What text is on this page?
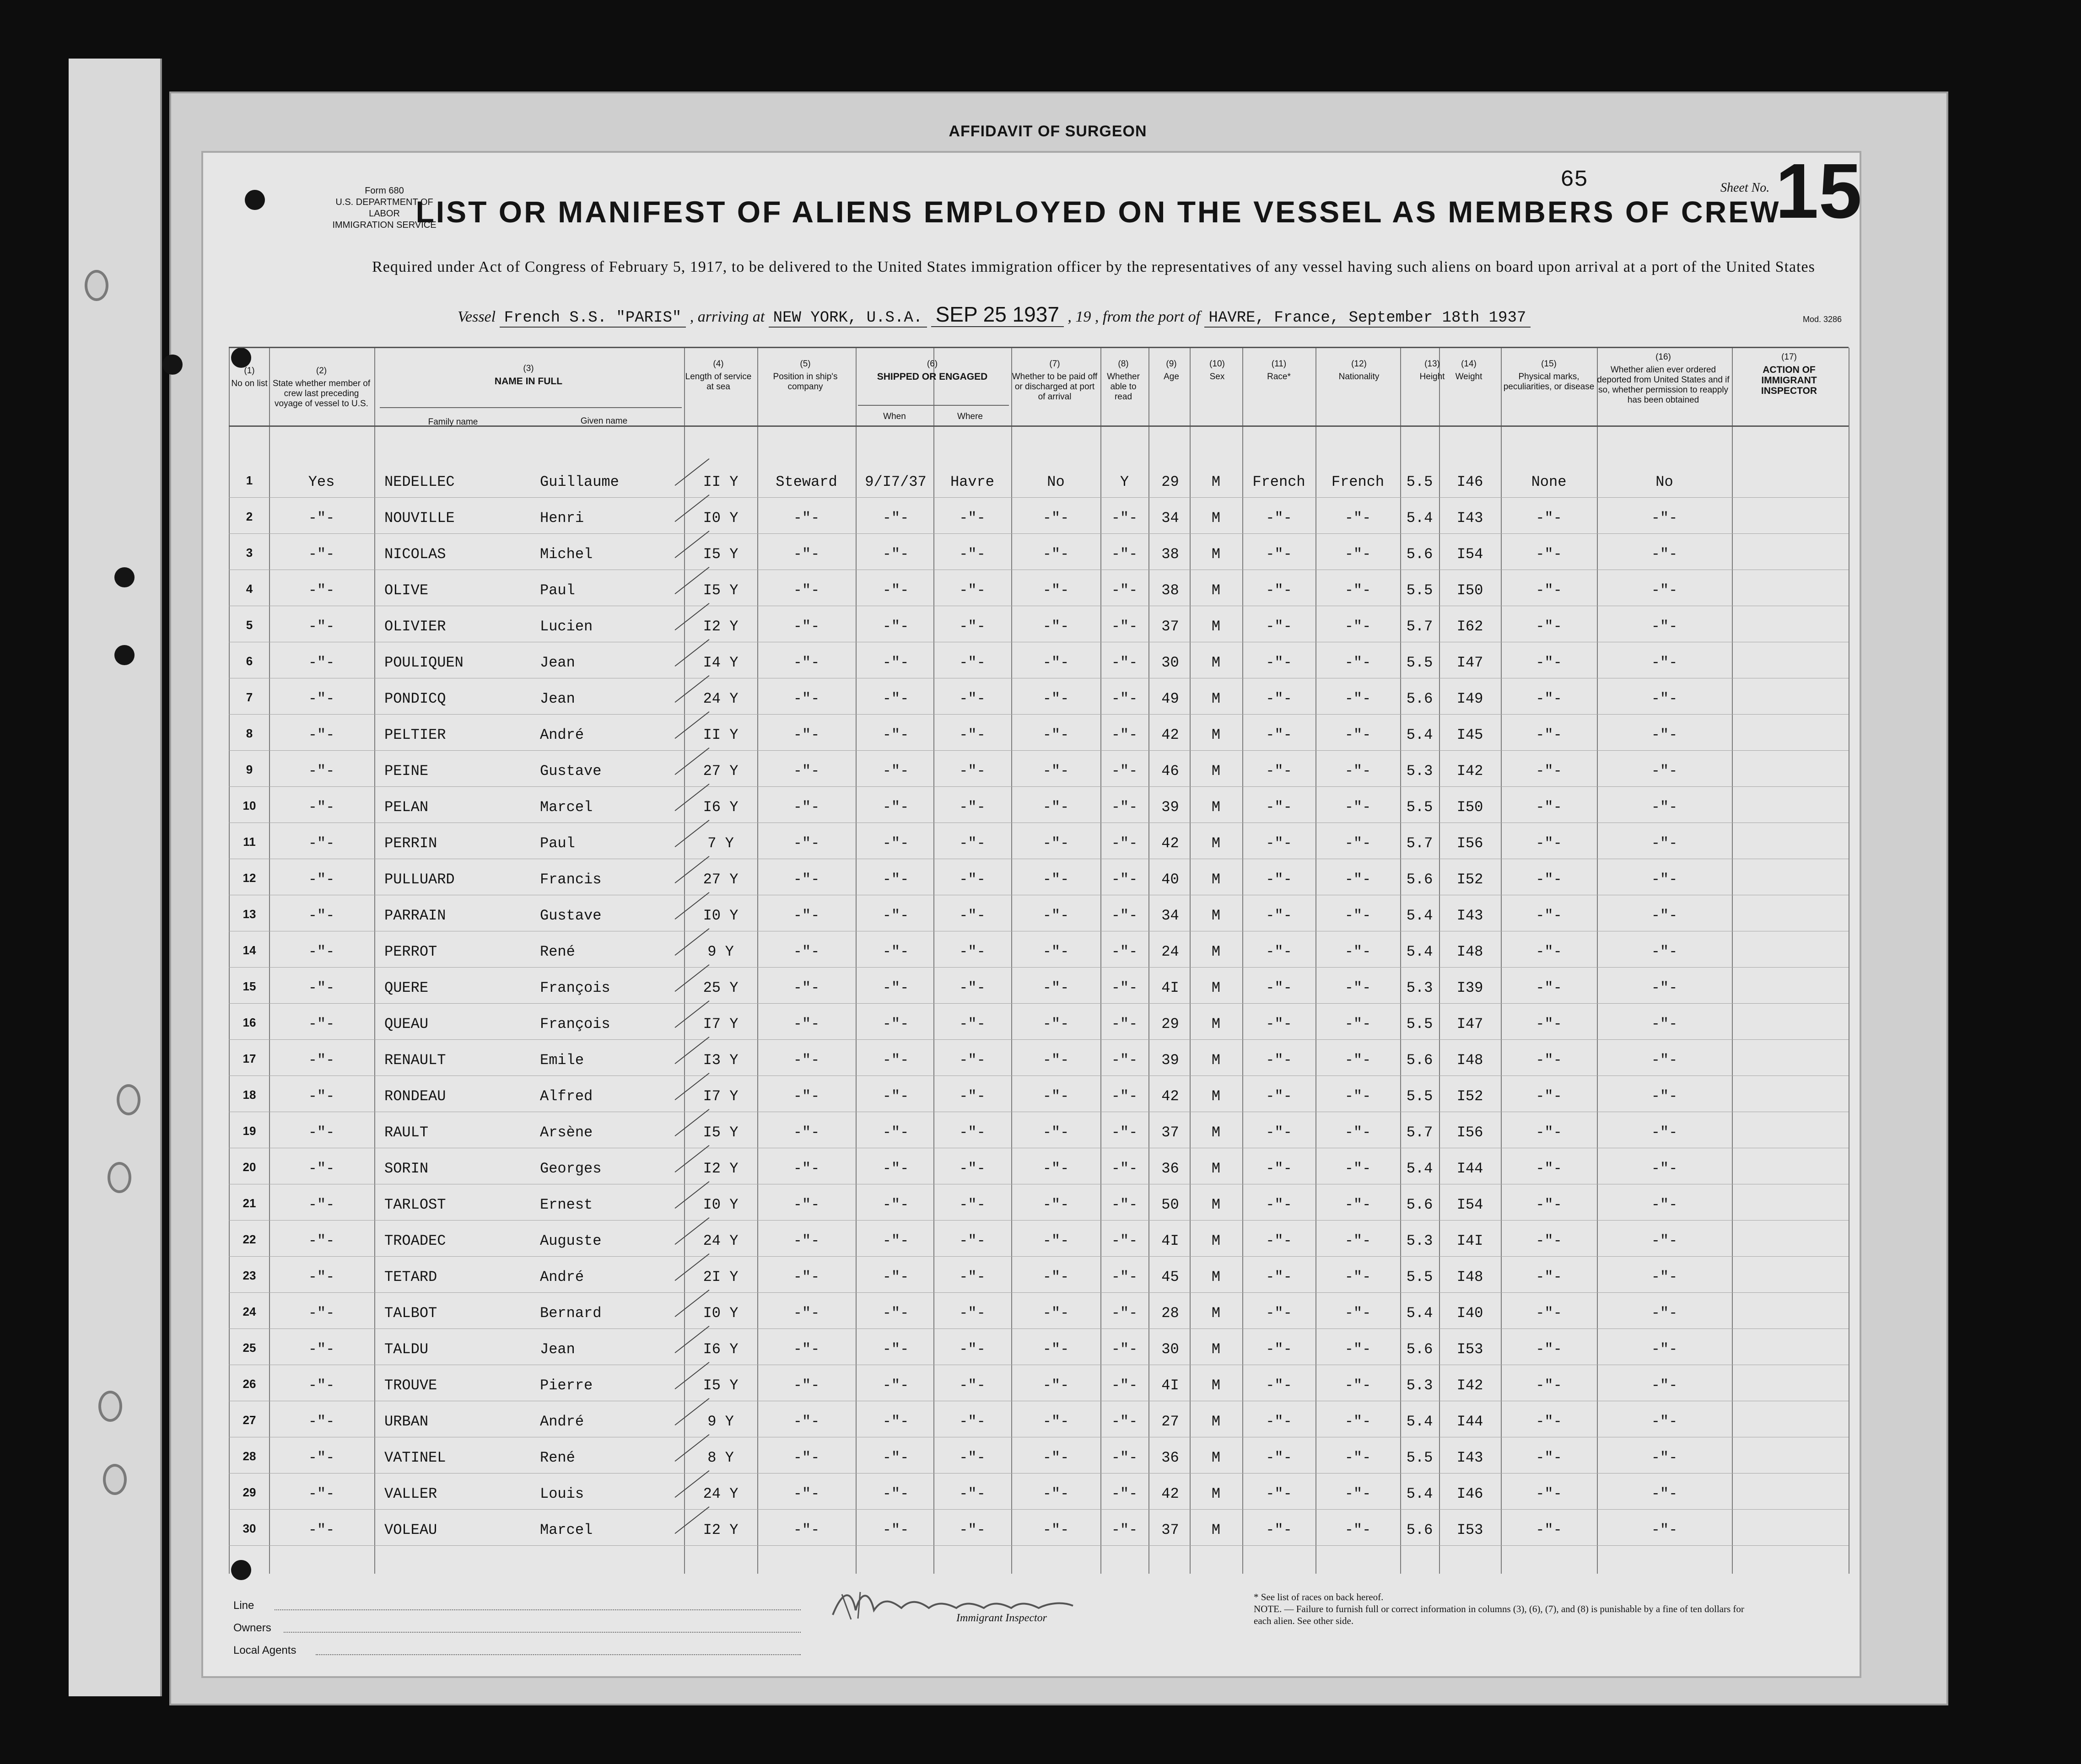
AFFIDAVIT OF SURGEON
Form 680
U.S. DEPARTMENT OF LABOR
IMMIGRATION SERVICE
LIST OR MANIFEST OF ALIENS EMPLOYED ON THE VESSEL AS MEMBERS OF CREW
65	Sheet No. 15
Required under Act of Congress of February 5, 1917, to be delivered to the United States immigration officer by the representatives of any vessel having such aliens on board upon arrival at a port of the United States
Vessel French S.S. "PARIS" , arriving at NEW YORK, U.S.A. SEP 25 1937 , 19 , from the port of HAVRE, France, September 18th 1937	Mod. 3286
(1)
No on list
(2)
State whether member of crew last preceding voyage of vessel to U.S.
(3)
NAME IN FULL
Family name	Given name
(4)
Length of service at sea
(5)
Position in ship's company
(6)
SHIPPED OR ENGAGED
When	Where
(7)
Whether to be paid off or discharged at port of arrival
(8)
Whether able to read
(9)
Age
(10)
Sex
(11)
Race*
(12)
Nationality
(13)
Height
(14)
Weight
(15)
Physical marks, peculiarities, or disease
(16)
Whether alien ever ordered deported from United States and if so, whether permission to reapply has been obtained
(17)
ACTION OF IMMIGRANT INSPECTOR
1	Yes	NEDELLEC	Guillaume	II Y	Steward	9/I7/37	Havre	No	Y	29	M	French	French	5.5	I46	None	No
2	-"-	NOUVILLE	Henri	I0 Y	-"-	-"-	-"-	-"-	-"-	34	M	-"-	-"-	5.4	I43	-"-	-"-
3	-"-	NICOLAS	Michel	I5 Y	-"-	-"-	-"-	-"-	-"-	38	M	-"-	-"-	5.6	I54	-"-	-"-
4	-"-	OLIVE	Paul	I5 Y	-"-	-"-	-"-	-"-	-"-	38	M	-"-	-"-	5.5	I50	-"-	-"-
5	-"-	OLIVIER	Lucien	I2 Y	-"-	-"-	-"-	-"-	-"-	37	M	-"-	-"-	5.7	I62	-"-	-"-
6	-"-	POULIQUEN	Jean	I4 Y	-"-	-"-	-"-	-"-	-"-	30	M	-"-	-"-	5.5	I47	-"-	-"-
7	-"-	PONDICQ	Jean	24 Y	-"-	-"-	-"-	-"-	-"-	49	M	-"-	-"-	5.6	I49	-"-	-"-
8	-"-	PELTIER	André	II Y	-"-	-"-	-"-	-"-	-"-	42	M	-"-	-"-	5.4	I45	-"-	-"-
9	-"-	PEINE	Gustave	27 Y	-"-	-"-	-"-	-"-	-"-	46	M	-"-	-"-	5.3	I42	-"-	-"-
10	-"-	PELAN	Marcel	I6 Y	-"-	-"-	-"-	-"-	-"-	39	M	-"-	-"-	5.5	I50	-"-	-"-
11	-"-	PERRIN	Paul	7 Y	-"-	-"-	-"-	-"-	-"-	42	M	-"-	-"-	5.7	I56	-"-	-"-
12	-"-	PULLUARD	Francis	27 Y	-"-	-"-	-"-	-"-	-"-	40	M	-"-	-"-	5.6	I52	-"-	-"-
13	-"-	PARRAIN	Gustave	I0 Y	-"-	-"-	-"-	-"-	-"-	34	M	-"-	-"-	5.4	I43	-"-	-"-
14	-"-	PERROT	René	9 Y	-"-	-"-	-"-	-"-	-"-	24	M	-"-	-"-	5.4	I48	-"-	-"-
15	-"-	QUERE	François	25 Y	-"-	-"-	-"-	-"-	-"-	4I	M	-"-	-"-	5.3	I39	-"-	-"-
16	-"-	QUEAU	François	I7 Y	-"-	-"-	-"-	-"-	-"-	29	M	-"-	-"-	5.5	I47	-"-	-"-
17	-"-	RENAULT	Emile	I3 Y	-"-	-"-	-"-	-"-	-"-	39	M	-"-	-"-	5.6	I48	-"-	-"-
18	-"-	RONDEAU	Alfred	I7 Y	-"-	-"-	-"-	-"-	-"-	42	M	-"-	-"-	5.5	I52	-"-	-"-
19	-"-	RAULT	Arsène	I5 Y	-"-	-"-	-"-	-"-	-"-	37	M	-"-	-"-	5.7	I56	-"-	-"-
20	-"-	SORIN	Georges	I2 Y	-"-	-"-	-"-	-"-	-"-	36	M	-"-	-"-	5.4	I44	-"-	-"-
21	-"-	TARLOST	Ernest	I0 Y	-"-	-"-	-"-	-"-	-"-	50	M	-"-	-"-	5.6	I54	-"-	-"-
22	-"-	TROADEC	Auguste	24 Y	-"-	-"-	-"-	-"-	-"-	4I	M	-"-	-"-	5.3	I4I	-"-	-"-
23	-"-	TETARD	André	2I Y	-"-	-"-	-"-	-"-	-"-	45	M	-"-	-"-	5.5	I48	-"-	-"-
24	-"-	TALBOT	Bernard	I0 Y	-"-	-"-	-"-	-"-	-"-	28	M	-"-	-"-	5.4	I40	-"-	-"-
25	-"-	TALDU	Jean	I6 Y	-"-	-"-	-"-	-"-	-"-	30	M	-"-	-"-	5.6	I53	-"-	-"-
26	-"-	TROUVE	Pierre	I5 Y	-"-	-"-	-"-	-"-	-"-	4I	M	-"-	-"-	5.3	I42	-"-	-"-
27	-"-	URBAN	André	9 Y	-"-	-"-	-"-	-"-	-"-	27	M	-"-	-"-	5.4	I44	-"-	-"-
28	-"-	VATINEL	René	8 Y	-"-	-"-	-"-	-"-	-"-	36	M	-"-	-"-	5.5	I43	-"-	-"-
29	-"-	VALLER	Louis	24 Y	-"-	-"-	-"-	-"-	-"-	42	M	-"-	-"-	5.4	I46	-"-	-"-
30	-"-	VOLEAU	Marcel	I2 Y	-"-	-"-	-"-	-"-	-"-	37	M	-"-	-"-	5.6	I53	-"-	-"-
Line
Owners
Local Agents
Immigrant Inspector
* See list of races on back hereof.
NOTE. — Failure to furnish full or correct information in columns (3), (6), (7), and (8) is punishable by a fine of ten dollars for each alien. See other side.
